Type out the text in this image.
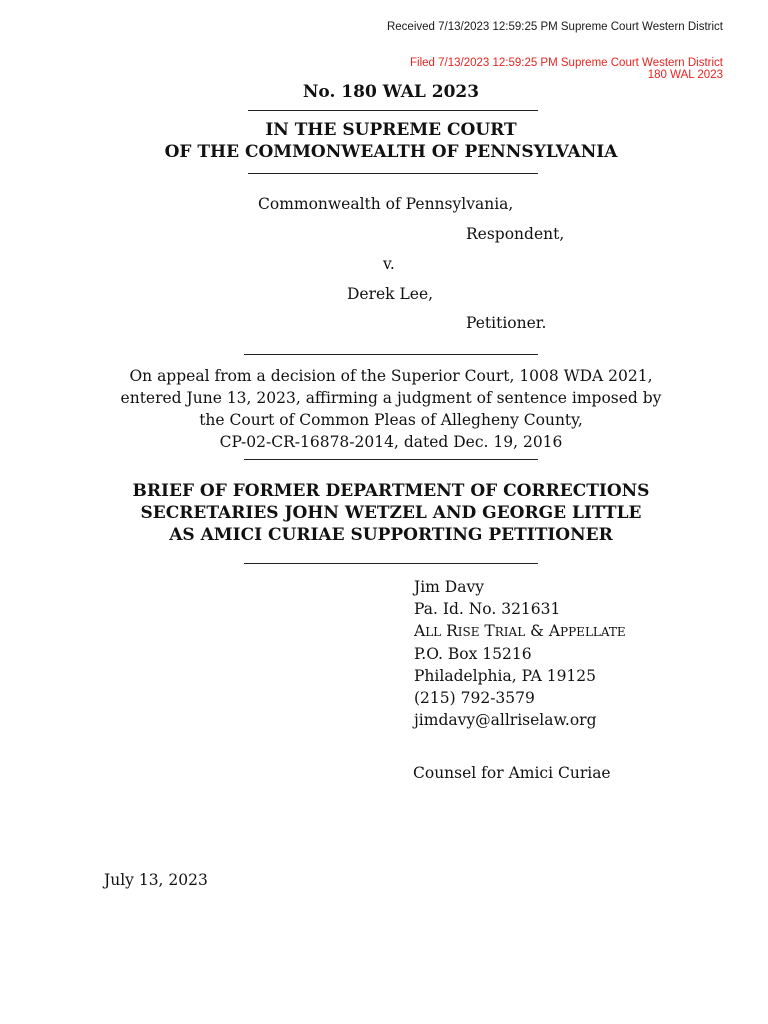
Received 7/13/2023 12:59:25 PM Supreme Court Western District
Filed 7/13/2023 12:59:25 PM Supreme Court Western District
180 WAL 2023
No. 180 WAL 2023
IN THE SUPREME COURT
OF THE COMMONWEALTH OF PENNSYLVANIA
Commonwealth of Pennsylvania,
Respondent,
v.
Derek Lee,
Petitioner.
On appeal from a decision of the Superior Court, 1008 WDA 2021,
entered June 13, 2023, affirming a judgment of sentence imposed by
the Court of Common Pleas of Allegheny County,
CP-02-CR-16878-2014, dated Dec. 19, 2016
BRIEF OF FORMER DEPARTMENT OF CORRECTIONS
SECRETARIES JOHN WETZEL AND GEORGE LITTLE
AS AMICI CURIAE SUPPORTING PETITIONER
Jim Davy
Pa. Id. No. 321631
ALL RISE TRIAL & APPELLATE
P.O. Box 15216
Philadelphia, PA 19125
(215) 792-3579
jimdavy@allriselaw.org
Counsel for Amici Curiae
July 13, 2023
